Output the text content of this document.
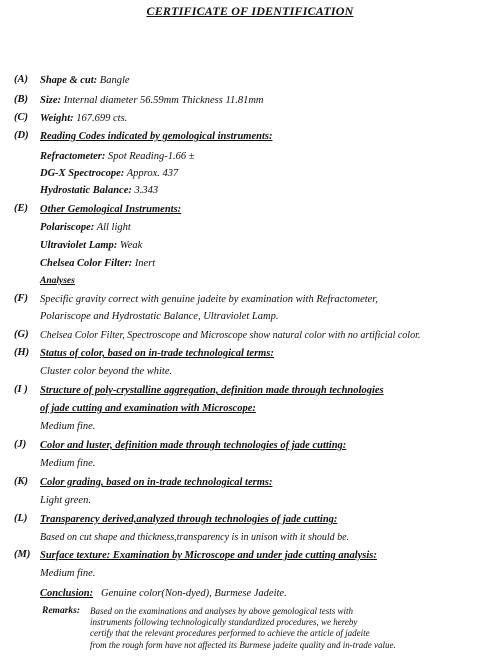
CERTIFICATE OF IDENTIFICATION
(A) Shape & cut: Bangle
(B) Size: Internal diameter 56.59mm Thickness 11.81mm
(C) Weight: 167.699 cts.
(D) Reading Codes indicated by gemological instruments:
Refractometer: Spot Reading-1.66 ±
DG-X Spectrocope: Approx. 437
Hydrostatic Balance: 3.343
(E) Other Gemological Instruments:
Polariscope: All light
Ultraviolet Lamp: Weak
Chelsea Color Filter: Inert
Analyses
(F) Specific gravity correct with genuine jadeite by examination with Refractometer,
Polariscope and Hydrostatic Balance, Ultraviolet Lamp.
(G) Chelsea Color Filter, Spectroscope and Microscope show natural color with no artificial color.
(H) Status of color, based on in-trade technological terms:
Cluster color beyond the white.
(I ) Structure of poly-crystalline aggregation, definition made through technologies
of jade cutting and examination with Microscope:
Medium fine.
(J) Color and luster, definition made through technologies of jade cutting:
Medium fine.
(K) Color grading, based on in-trade technological terms:
Light green.
(L) Transparency derived,analyzed through technologies of jade cutting:
Based on cut shape and thickness,transparency is in unison with it should be.
(M) Surface texture: Examination by Microscope and under jade cutting analysis:
Medium fine.
Conclusion: Genuine color(Non-dyed), Burmese Jadeite.
Remarks: Based on the examinations and analyses by above gemological tests with
instruments following technologically standardized procedures, we hereby
certify that the relevant procedures performed to achieve the article of jadeite
from the rough form have not affected its Burmese jadeite quality and in-trade value.
